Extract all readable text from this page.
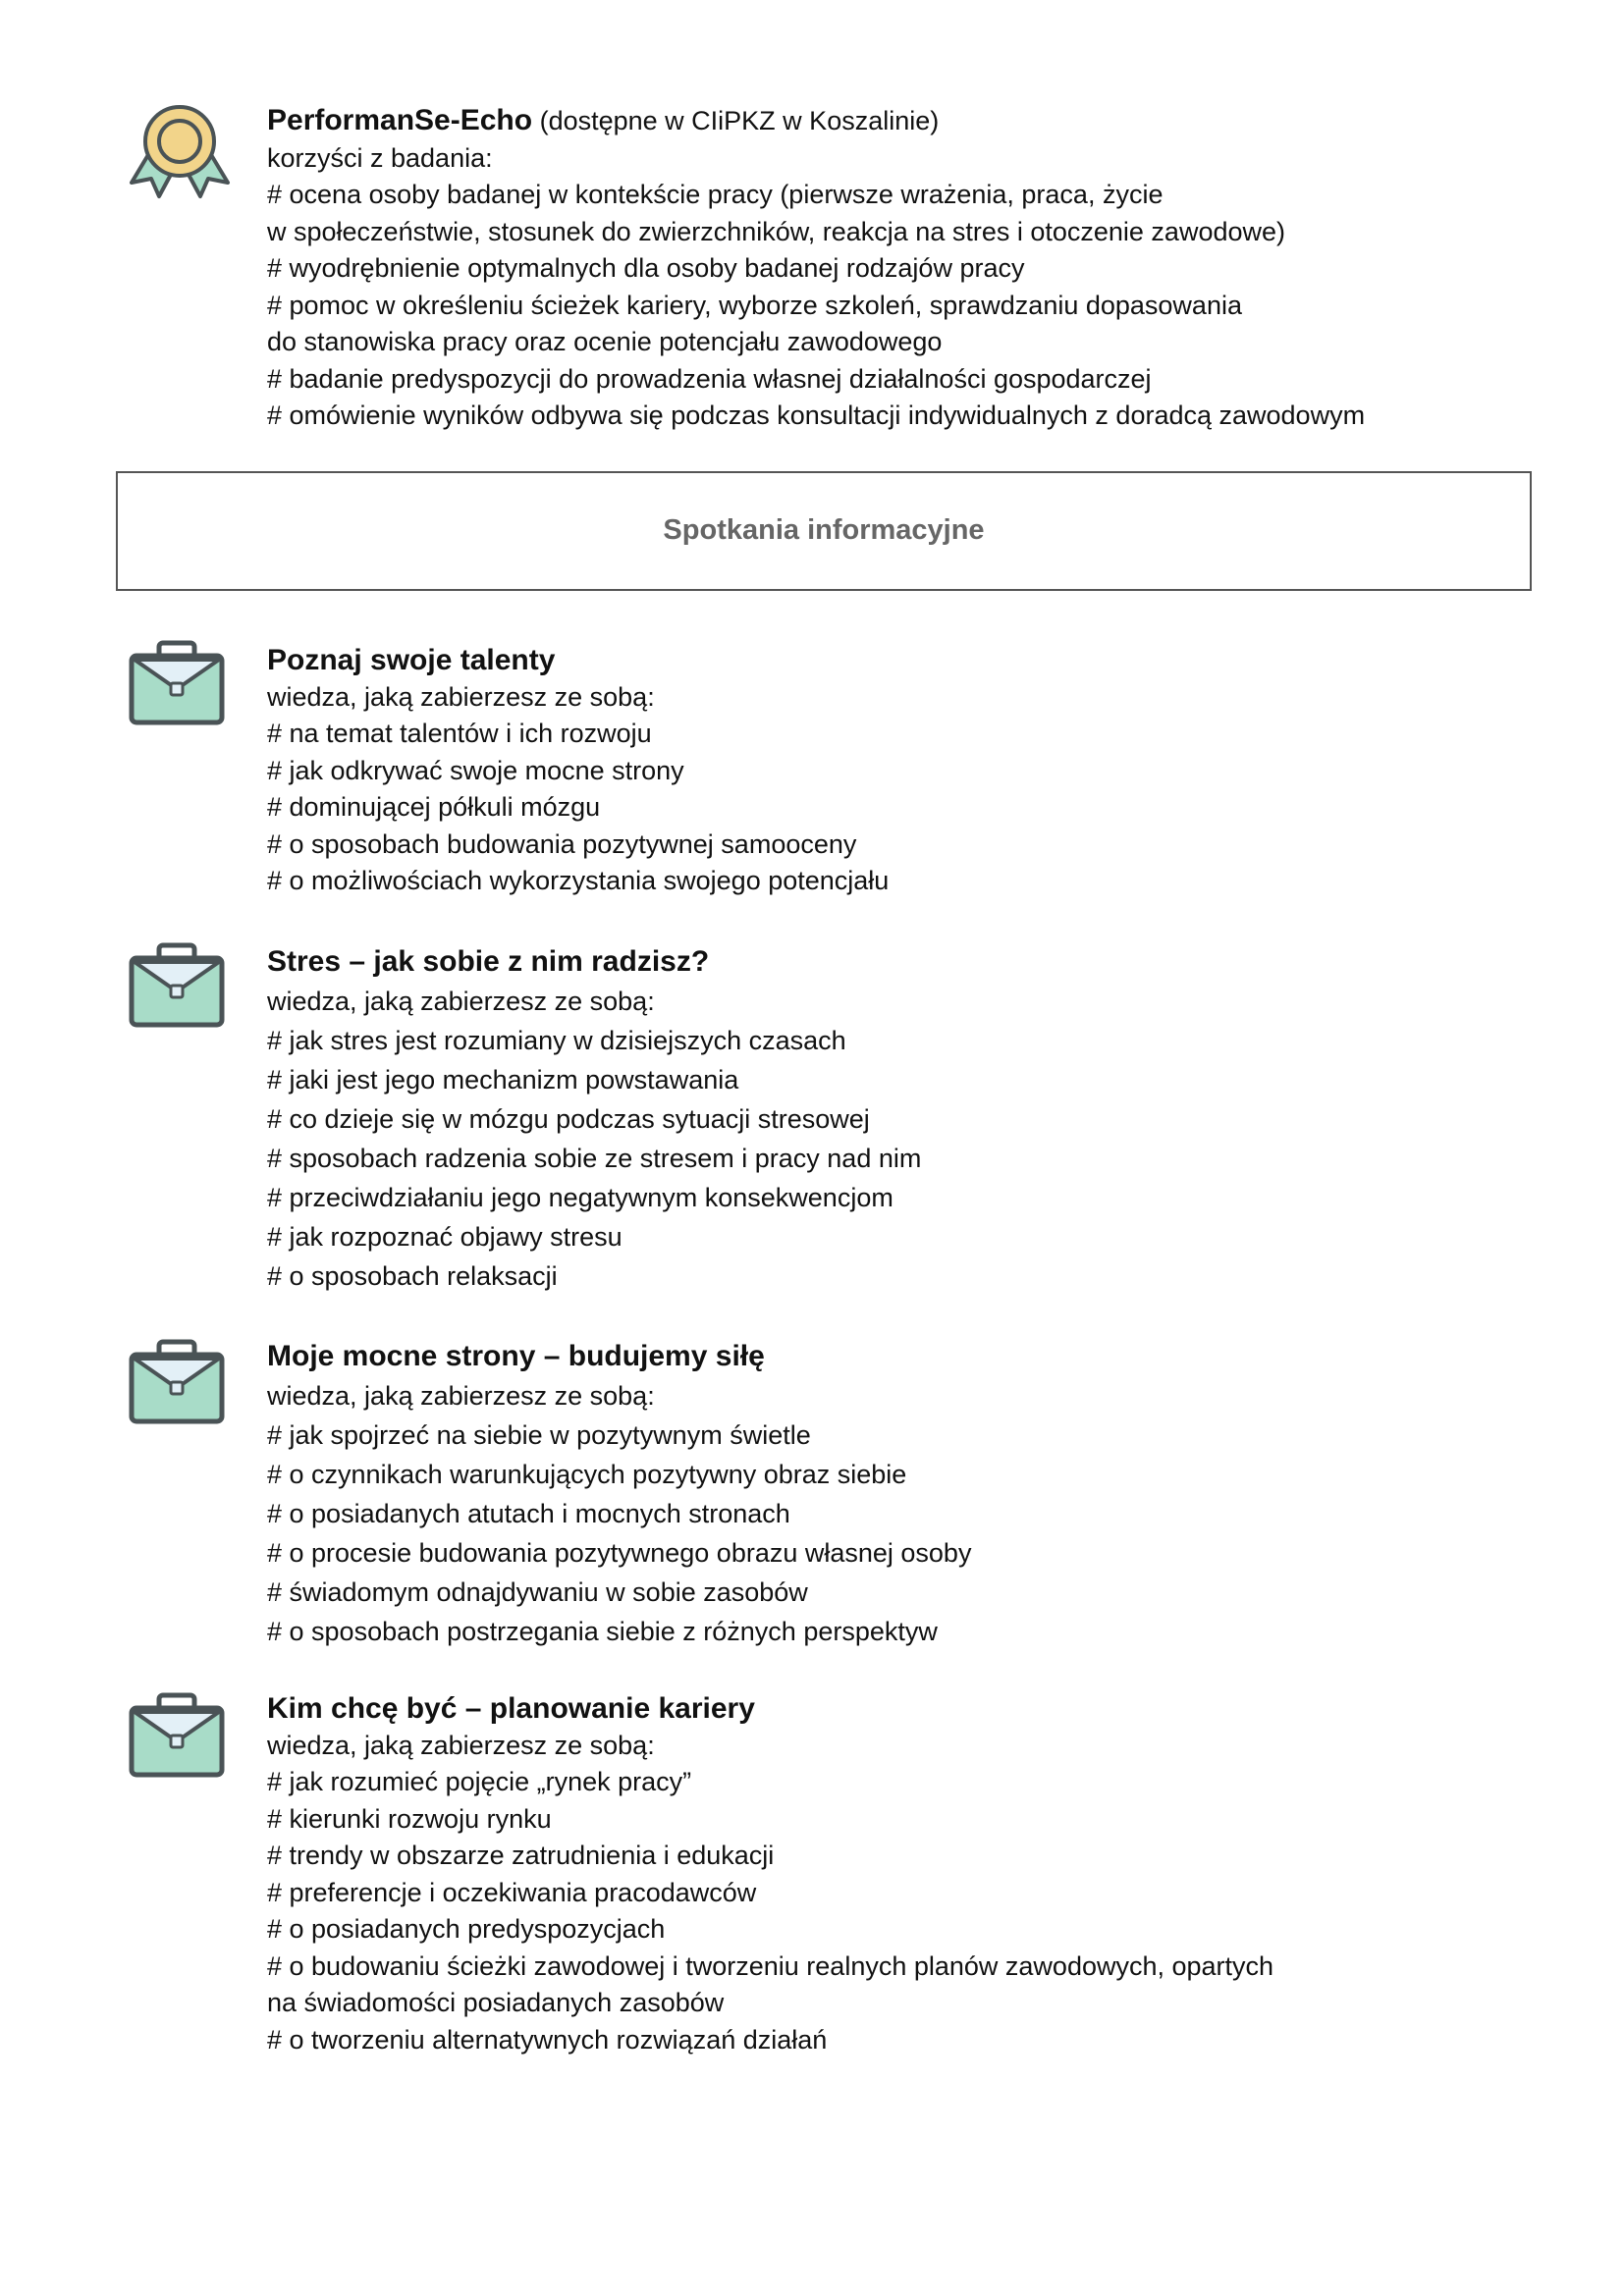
PerformanSe-Echo (dostępne w CIiPKZ w Koszalinie)
korzyści z badania:
# ocena osoby badanej w kontekście pracy (pierwsze wrażenia, praca, życie
w społeczeństwie, stosunek do zwierzchników, reakcja na stres i otoczenie zawodowe)
# wyodrębnienie optymalnych dla osoby badanej rodzajów pracy
# pomoc w określeniu ścieżek kariery, wyborze szkoleń, sprawdzaniu dopasowania
do stanowiska pracy oraz ocenie potencjału zawodowego
# badanie predyspozycji do prowadzenia własnej działalności gospodarczej
# omówienie wyników odbywa się podczas konsultacji indywidualnych z doradcą zawodowym
Spotkania informacyjne
Poznaj swoje talenty
wiedza, jaką zabierzesz ze sobą:
# na temat talentów i ich rozwoju
# jak odkrywać swoje mocne strony
# dominującej półkuli mózgu
# o sposobach budowania pozytywnej samooceny
# o możliwościach wykorzystania swojego potencjału
Stres – jak sobie z nim radzisz?
wiedza, jaką zabierzesz ze sobą:
# jak stres jest rozumiany w dzisiejszych czasach
# jaki jest jego mechanizm powstawania
# co dzieje się w mózgu podczas sytuacji stresowej
# sposobach radzenia sobie ze stresem i pracy nad nim
# przeciwdziałaniu jego negatywnym konsekwencjom
# jak rozpoznać objawy stresu
# o sposobach relaksacji
Moje mocne strony – budujemy siłę
wiedza, jaką zabierzesz ze sobą:
# jak spojrzeć na siebie w pozytywnym świetle
# o czynnikach warunkujących pozytywny obraz siebie
# o posiadanych atutach i mocnych stronach
# o procesie budowania pozytywnego obrazu własnej osoby
# świadomym odnajdywaniu w sobie zasobów
# o sposobach postrzegania siebie z różnych perspektyw
Kim chcę być – planowanie kariery
wiedza, jaką zabierzesz ze sobą:
# jak rozumieć pojęcie „rynek pracy”
# kierunki rozwoju rynku
# trendy w obszarze zatrudnienia i edukacji
# preferencje i oczekiwania pracodawców
# o posiadanych predyspozycjach
# o budowaniu ścieżki zawodowej i tworzeniu realnych planów zawodowych, opartych
na świadomości posiadanych zasobów
# o tworzeniu alternatywnych rozwiązań działań
